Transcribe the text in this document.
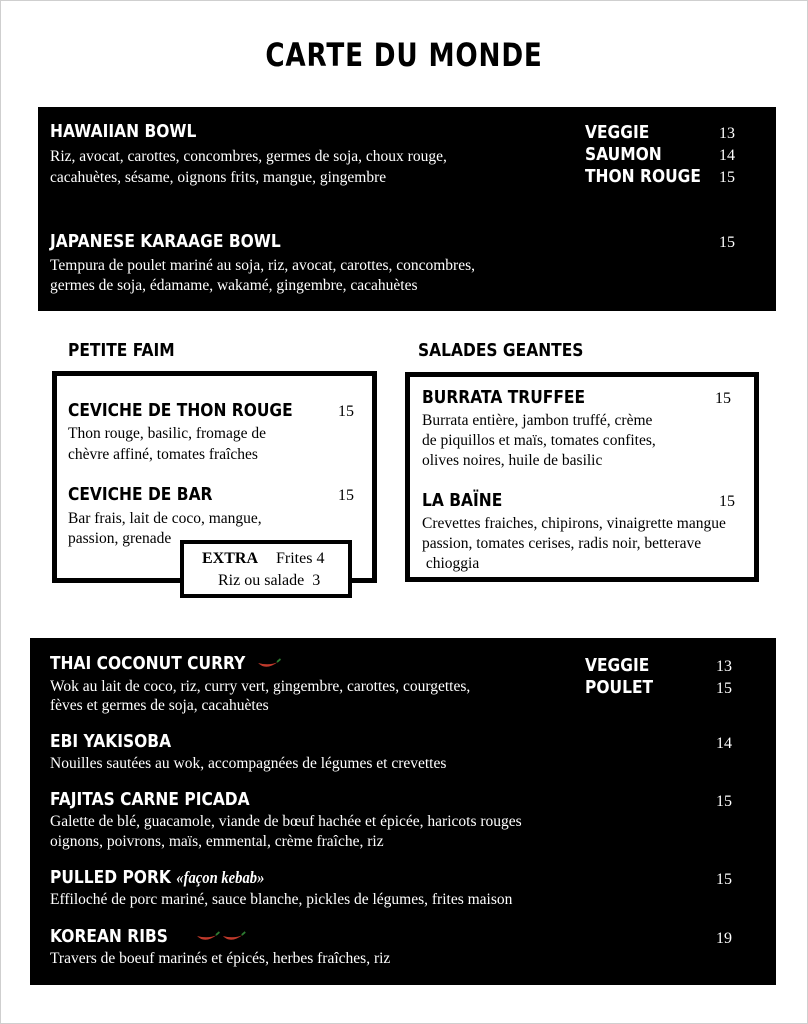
CARTE DU MONDE
HAWAIIAN BOWL
Riz, avocat, carottes, concombres, germes de soja, choux rouge,
cacahuètes, sésame, oignons frits, mangue, gingembre
VEGGIE	13
SAUMON	14
THON ROUGE 15
JAPANESE KARAAGE BOWL	15
Tempura de poulet mariné au soja, riz, avocat, carottes, concombres,
germes de soja, édamame, wakamé, gingembre, cacahuètes
PETITE FAIM
CEVICHE DE THON ROUGE	15
Thon rouge, basilic, fromage de
chèvre affiné, tomates fraîches
CEVICHE DE BAR	15
Bar frais, lait de coco, mangue,
passion, grenade
EXTRA Frites 4
Riz ou salade  3
SALADES GEANTES
BURRATA TRUFFEE	15
Burrata entière, jambon truffé, crème
de piquillos et maïs, tomates confites,
olives noires, huile de basilic
LA BAÏNE	15
Crevettes fraiches, chipirons, vinaigrette mangue
passion, tomates cerises, radis noir, betterave
chioggia
THAI COCONUT CURRY
Wok au lait de coco, riz, curry vert, gingembre, carottes, courgettes,
fèves et germes de soja, cacahuètes
VEGGIE	13
POULET	15
EBI YAKISOBA	14
Nouilles sautées au wok, accompagnées de légumes et crevettes
FAJITAS CARNE PICADA	15
Galette de blé, guacamole, viande de bœuf hachée et épicée, haricots rouges
oignons, poivrons, maïs, emmental, crème fraîche, riz
PULLED PORK «façon kebab»	15
Effiloché de porc mariné, sauce blanche, pickles de légumes, frites maison
KOREAN RIBS	19
Travers de boeuf marinés et épicés, herbes fraîches, riz
